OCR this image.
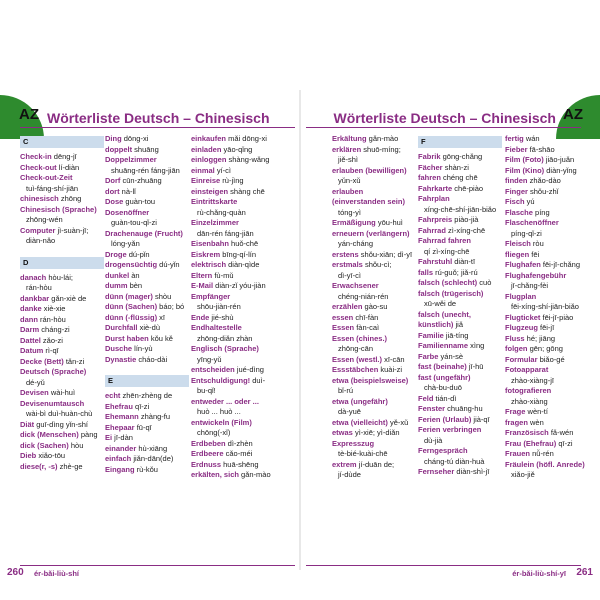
AZ	AZ
Wörterliste Deutsch – Chinesisch	Wörterliste Deutsch – Chinesisch
C
Check-in dēng-jī
Check-out lí-diàn
Check-out-Zeit
tuì-fáng-shí-jiān
chinesisch zhōng
Chinesisch (Sprache)
zhōng-wén
Computer jì-suàn-jī;
diàn-nǎo
D
danach hòu-lái;
rán-hòu
dankbar gǎn-xiè de
danke xiè-xie
dann rán-hòu
Darm cháng-zi
Dattel zǎo-zi
Datum rì-qī
Decke (Bett) tǎn-zi
Deutsch (Sprache)
dé-yǔ
Devisen wài-huì
Devisenumtausch
wài-bì duì-huàn-chù
Diät guī-dìng yǐn-shí
dick (Menschen) pàng
dick (Sachen) hòu
Dieb xiǎo-tōu
diese(r, -s) zhè-ge
Ding dōng-xi
doppelt shuāng
Doppelzimmer
shuāng-rén fáng-jiān
Dorf cūn-zhuāng
dort nà-lǐ
Dose guàn-tou
Dosenöffner
guàn-tou-qǐ-zi
Drachenauge (Frucht)
lóng-yǎn
Droge dú-pǐn
drogensüchtig dú-yǐn
dunkel àn
dumm bèn
dünn (mager) shòu
dünn (Sachen) báo; bó
dünn (-flüssig) xī
Durchfall xiè-dù
Durst haben kǒu kě
Dusche lín-yù
Dynastie cháo-dài
E
echt zhēn-zhèng de
Ehefrau qī-zi
Ehemann zhàng-fu
Ehepaar fū-qī
Ei jī-dàn
einander hù-xiāng
einfach jiǎn-dān(de)
Eingang rù-kǒu
einkaufen mǎi dōng-xi
einladen yāo-qǐng
einloggen shàng-wǎng
einmal yí-cì
Einreise rù-jìng
einsteigen shàng chē
Eintrittskarte
rù-chǎng-quàn
Einzelzimmer
dān-rén fáng-jiān
Eisenbahn huǒ-chē
Eiskrem bīng-qí-lín
elektrisch diàn-qìde
Eltern fù-mǔ
E-Mail diàn-zǐ yóu-jiàn
Empfänger
shōu-jiàn-rén
Ende jié-shù
Endhaltestelle
zhōng-diǎn zhàn
Englisch (Sprache)
yīng-yǔ
entscheiden jué-dìng
Entschuldigung! duì-
bu-qǐ!
entweder ... oder ...
huò ... huò ...
entwickeln (Film)
chōng(-xǐ)
Erdbeben dì-zhèn
Erdbeere cǎo-méi
Erdnuss huā-shēng
erkälten, sich gǎn-mào
Erkältung gǎn-mào
erklären shuō-míng;
jiě-shì
erlauben (bewilligen)
yǔn-xǔ
erlauben
(einverstanden sein)
tóng-yì
Ermäßigung yōu-huì
erneuern (verlängern)
yán-cháng
erstens shǒu-xiān; dì-yī
erstmals shǒu-cì;
dì-yī-cì
Erwachsener
chéng-nián-rén
erzählen gào-su
essen chī-fàn
Essen fàn-caì
Essen (chines.)
zhōng-cān
Essen (westl.) xī-cān
Essstäbchen kuài-zi
etwa (beispielsweise)
bǐ-rú
etwa (ungefähr)
dà-yuē
etwa (vielleicht) yě-xǔ
etwas yì-xiē; yì-diǎn
Expresszug
tè-bié-kuài-chē
extrem jí-duān de;
jí-dùde
F
Fabrik gōng-chǎng
Fächer shàn-zi
fahren chéng chē
Fahrkarte chē-piào
Fahrplan
xíng-chē-shí-jiān-biǎo
Fahrpreis piào-jià
Fahrrad zì-xíng-chē
Fahrrad fahren
qí zì-xíng-chē
Fahrstuhl diàn-tī
falls rú-guǒ; jiǎ-rú
falsch (schlecht) cuò
falsch (trügerisch)
xū-wěi de
falsch (unecht,
künstlich) jiǎ
Familie jiā-tíng
Familienname xìng
Farbe yán-sè
fast (beinahe) jī-hū
fast (ungefähr)
chà-bu-duō
Feld tián-dì
Fenster chuāng-hu
Ferien (Urlaub) jià-qī
Ferien verbringen
dù-jià
Ferngespräch
cháng-tú diàn-huà
Fernseher diàn-shì-jī
fertig wán
Fieber fā-shāo
Film (Foto) jiāo-juǎn
Film (Kino) diàn-yǐng
finden zhǎo-dào
Finger shǒu-zhǐ
Fisch yú
Flasche píng
Flaschenöffner
píng-qǐ-zi
Fleisch ròu
fliegen fēi
Flughafen fēi-jī-chǎng
Flughafengebühr
jī-chǎng-fèi
Flugplan
fēi-xíng-shí-jiān-biǎo
Flugticket fēi-jī-piào
Flugzeug fēi-jī
Fluss hé; jiāng
folgen gēn; gōng
Formular biǎo-gé
Fotoapparat
zhào-xiàng-jī
fotografieren
zhào-xiàng
Frage wèn-tí
fragen wèn
Französisch fǎ-wén
Frau (Ehefrau) qī-zi
Frauen nǚ-rén
Fräulein (höfl. Anrede)
xiǎo-jiě
260 ér-bǎi-liù-shí	ér-bǎi-liù-shí-yī 261
